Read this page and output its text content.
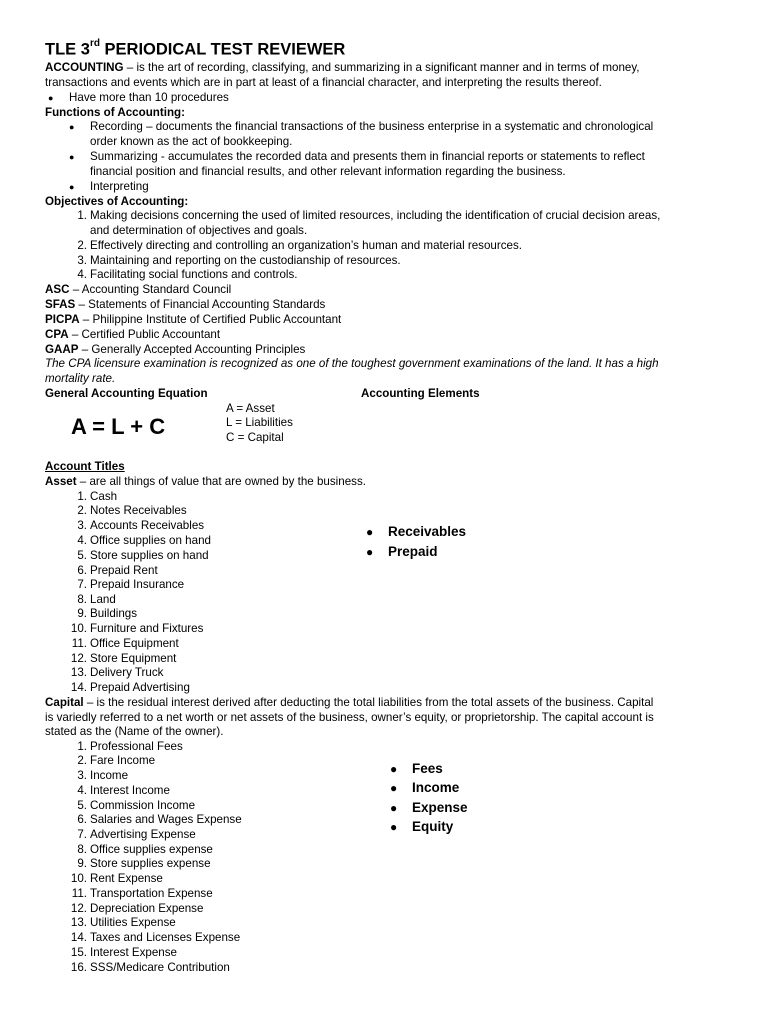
TLE 3rd PERIODICAL TEST REVIEWER
ACCOUNTING – is the art of recording, classifying, and summarizing in a significant manner and in terms of money,
transactions and events which are in part at least of a financial character, and interpreting the results thereof.
● Have more than 10 procedures
Functions of Accounting:
● Recording – documents the financial transactions of the business enterprise in a systematic and chronological
order known as the act of bookkeeping.
● Summarizing - accumulates the recorded data and presents them in financial reports or statements to reflect
financial position and financial results, and other relevant information regarding the business.
● Interpreting
Objectives of Accounting:
1. Making decisions concerning the used of limited resources, including the identification of crucial decision areas,
and determination of objectives and goals.
2. Effectively directing and controlling an organization’s human and material resources.
3. Maintaining and reporting on the custodianship of resources.
4. Facilitating social functions and controls.
ASC – Accounting Standard Council
SFAS – Statements of Financial Accounting Standards
PICPA – Philippine Institute of Certified Public Accountant
CPA – Certified Public Accountant
GAAP – Generally Accepted Accounting Principles
The CPA licensure examination is recognized as one of the toughest government examinations of the land. It has a high
mortality rate.
General Accounting Equation	Accounting Elements
A = L + C
A = Asset
L = Liabilities
C = Capital
Account Titles
Asset – are all things of value that are owned by the business.
1. Cash
2. Notes Receivables
3. Accounts Receivables
4. Office supplies on hand
5. Store supplies on hand
6. Prepaid Rent
7. Prepaid Insurance
8. Land
9. Buildings
10. Furniture and Fixtures
11. Office Equipment
12. Store Equipment
13. Delivery Truck
14. Prepaid Advertising
● Receivables
● Prepaid
Capital – is the residual interest derived after deducting the total liabilities from the total assets of the business. Capital
is variedly referred to a net worth or net assets of the business, owner’s equity, or proprietorship. The capital account is
stated as the (Name of the owner).
1. Professional Fees
2. Fare Income
3. Income
4. Interest Income
5. Commission Income
6. Salaries and Wages Expense
7. Advertising Expense
8. Office supplies expense
9. Store supplies expense
10. Rent Expense
11. Transportation Expense
12. Depreciation Expense
13. Utilities Expense
14. Taxes and Licenses Expense
15. Interest Expense
16. SSS/Medicare Contribution
● Fees
● Income
● Expense
● Equity
